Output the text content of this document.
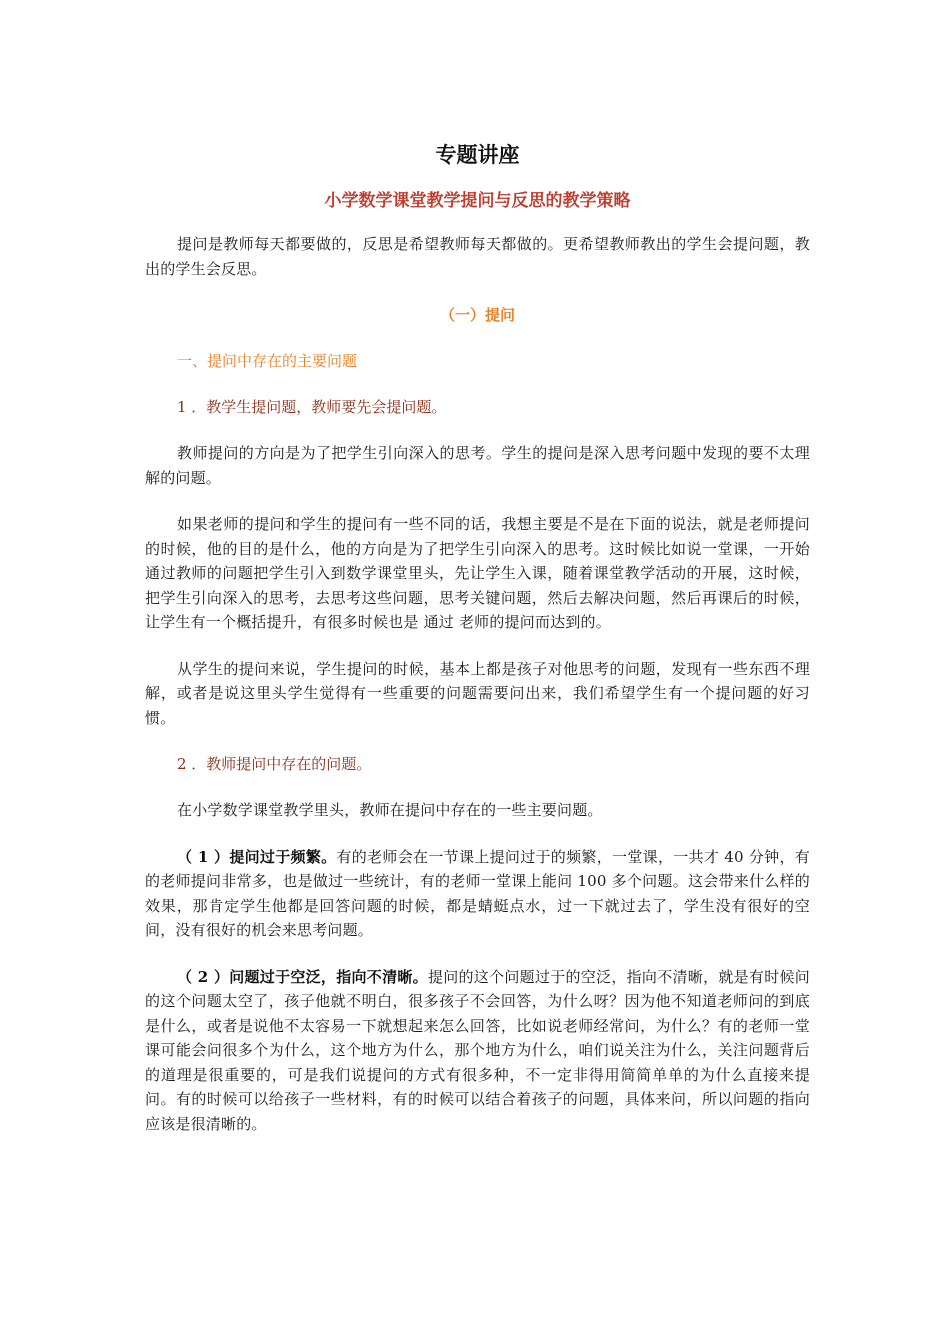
专题讲座
小学数学课堂教学提问与反思的教学策略

提问是教师每天都要做的，反思是希望教师每天都做的。更希望教师教出的学生会提问题，教出的学生会反思。

（一）提问
一、提问中存在的主要问题
1 ．教学生提问题，教师要先会提问题。

教师提问的方向是为了把学生引向深入的思考。学生的提问是深入思考问题中发现的要不太理解的问题。

如果老师的提问和学生的提问有一些不同的话，我想主要是不是在下面的说法，就是老师提问的时候，他的目的是什么，他的方向是为了把学生引向深入的思考。这时候比如说一堂课，一开始通过教师的问题把学生引入到数学课堂里头，先让学生入课，随着课堂教学活动的开展，这时候，把学生引向深入的思考，去思考这些问题，思考关键问题，然后去解决问题，然后再课后的时候，让学生有一个概括提升，有很多时候也是 通过 老师的提问而达到的。

从学生的提问来说，学生提问的时候，基本上都是孩子对他思考的问题，发现有一些东西不理解，或者是说这里头学生觉得有一些重要的问题需要问出来，我们希望学生有一个提问题的好习惯。

2 ．教师提问中存在的问题。

在小学数学课堂教学里头，教师在提问中存在的一些主要问题。

（ 1 ）提问过于频繁。有的老师会在一节课上提问过于的频繁，一堂课，一共才 40 分钟，有的老师提问非常多，也是做过一些统计，有的老师一堂课上能问 100 多个问题。这会带来什么样的效果，那肯定学生他都是回答问题的时候，都是蜻蜓点水，过一下就过去了，学生没有很好的空间，没有很好的机会来思考问题。

（ 2 ）问题过于空泛，指向不清晰。提问的这个问题过于的空泛，指向不清晰，就是有时候问的这个问题太空了，孩子他就不明白，很多孩子不会回答，为什么呀？因为他不知道老师问的到底是什么，或者是说他不太容易一下就想起来怎么回答，比如说老师经常问，为什么？有的老师一堂课可能会问很多个为什么，这个地方为什么，那个地方为什么，咱们说关注为什么，关注问题背后的道理是很重要的，可是我们说提问的方式有很多种，不一定非得用简简单单的为什么直接来提问。有的时候可以给孩子一些材料，有的时候可以结合着孩子的问题，具体来问，所以问题的指向应该是很清晰的。
